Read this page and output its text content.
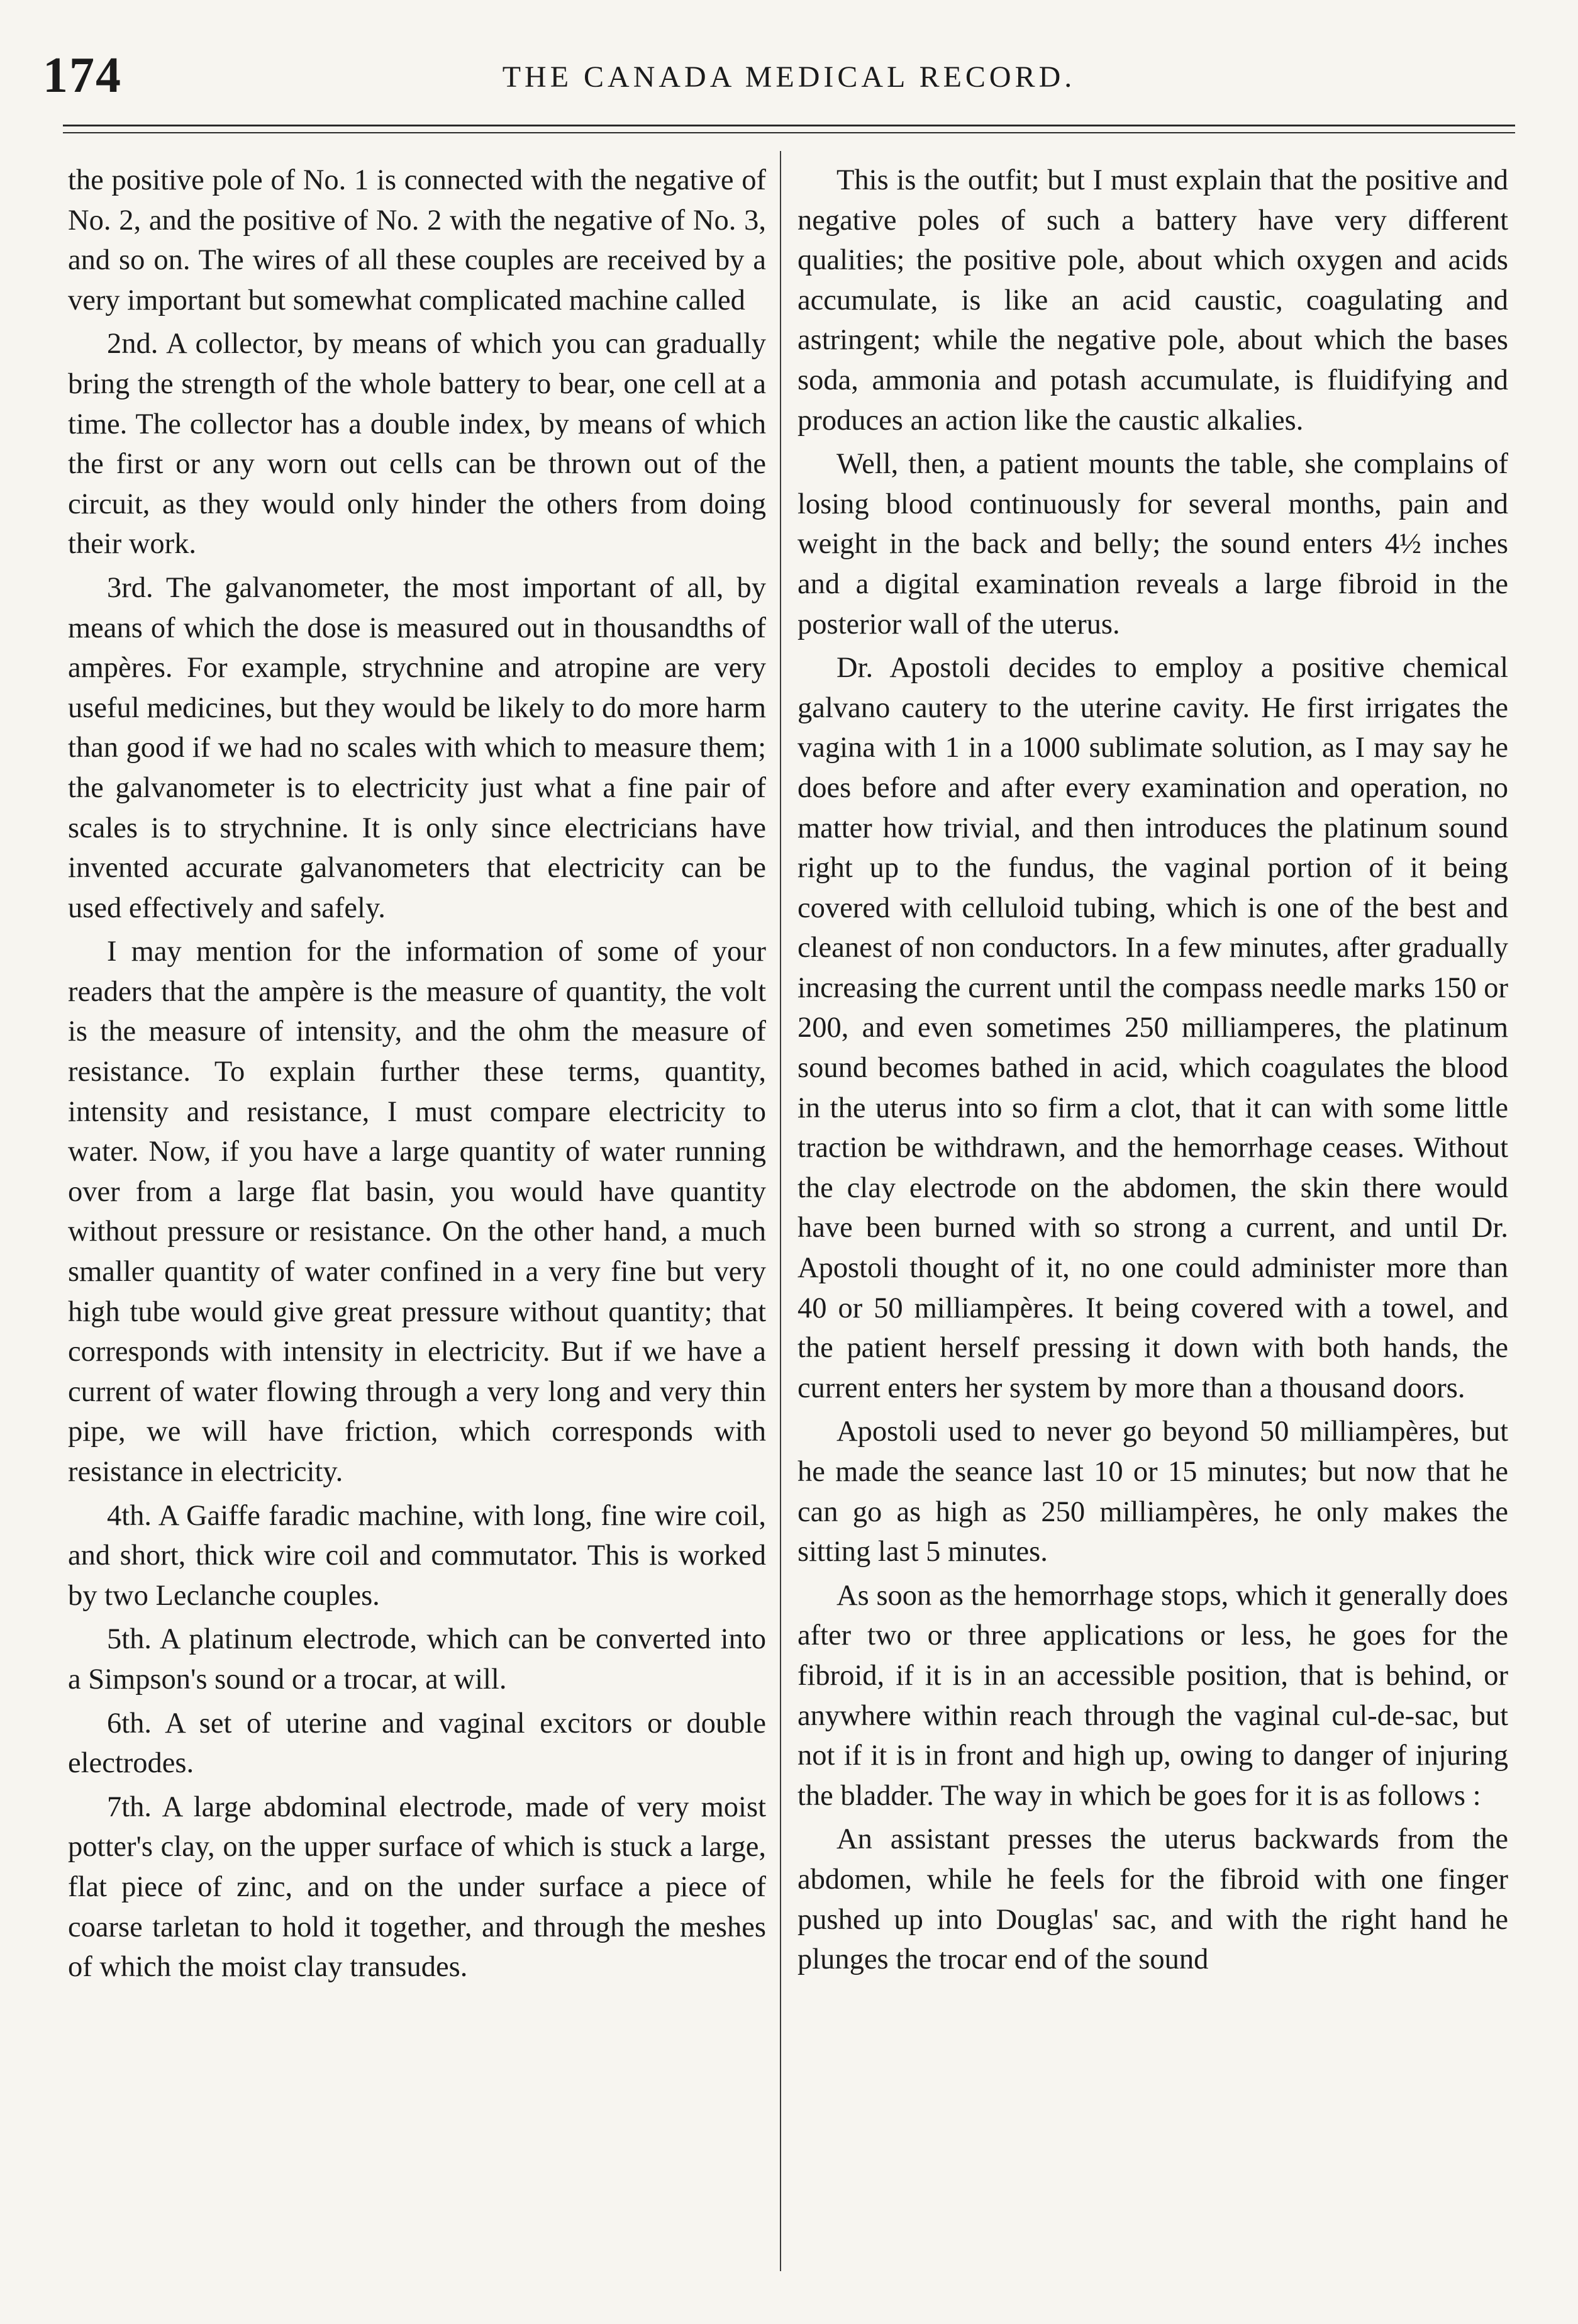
174	THE CANADA MEDICAL RECORD.

the positive pole of No. 1 is connected with the negative of No. 2, and the positive of No. 2 with the negative of No. 3, and so on. The wires of all these couples are received by a very important but somewhat complicated machine called

2nd. A collector, by means of which you can gradually bring the strength of the whole battery to bear, one cell at a time. The collector has a double index, by means of which the first or any worn out cells can be thrown out of the circuit, as they would only hinder the others from doing their work.

3rd. The galvanometer, the most important of all, by means of which the dose is measured out in thousandths of ampères. For example, strychnine and atropine are very useful medicines, but they would be likely to do more harm than good if we had no scales with which to measure them; the galvanometer is to electricity just what a fine pair of scales is to strychnine. It is only since electricians have invented accurate galvanometers that electricity can be used effectively and safely.

I may mention for the information of some of your readers that the ampère is the measure of quantity, the volt is the measure of intensity, and the ohm the measure of resistance. To explain further these terms, quantity, intensity and resistance, I must compare electricity to water. Now, if you have a large quantity of water running over from a large flat basin, you would have quantity without pressure or resistance. On the other hand, a much smaller quantity of water confined in a very fine but very high tube would give great pressure without quantity; that corresponds with intensity in electricity. But if we have a current of water flowing through a very long and very thin pipe, we will have friction, which corresponds with resistance in electricity.

4th. A Gaiffe faradic machine, with long, fine wire coil, and short, thick wire coil and commutator. This is worked by two Leclanche couples.

5th. A platinum electrode, which can be converted into a Simpson's sound or a trocar, at will.

6th. A set of uterine and vaginal excitors or double electrodes.

7th. A large abdominal electrode, made of very moist potter's clay, on the upper surface of which is stuck a large, flat piece of zinc, and on the under surface a piece of coarse tarletan to hold it together, and through the meshes of which the moist clay transudes.

This is the outfit; but I must explain that the positive and negative poles of such a battery have very different qualities; the positive pole, about which oxygen and acids accumulate, is like an acid caustic, coagulating and astringent; while the negative pole, about which the bases soda, ammonia and potash accumulate, is fluidifying and produces an action like the caustic alkalies.

Well, then, a patient mounts the table, she complains of losing blood continuously for several months, pain and weight in the back and belly; the sound enters 4½ inches and a digital examination reveals a large fibroid in the posterior wall of the uterus.

Dr. Apostoli decides to employ a positive chemical galvano cautery to the uterine cavity. He first irrigates the vagina with 1 in a 1000 sublimate solution, as I may say he does before and after every examination and operation, no matter how trivial, and then introduces the platinum sound right up to the fundus, the vaginal portion of it being covered with celluloid tubing, which is one of the best and cleanest of non conductors. In a few minutes, after gradually increasing the current until the compass needle marks 150 or 200, and even sometimes 250 milliamperes, the platinum sound becomes bathed in acid, which coagulates the blood in the uterus into so firm a clot, that it can with some little traction be withdrawn, and the hemorrhage ceases. Without the clay electrode on the abdomen, the skin there would have been burned with so strong a current, and until Dr. Apostoli thought of it, no one could administer more than 40 or 50 milliampères. It being covered with a towel, and the patient herself pressing it down with both hands, the current enters her system by more than a thousand doors.

Apostoli used to never go beyond 50 milliampères, but he made the seance last 10 or 15 minutes; but now that he can go as high as 250 milliampères, he only makes the sitting last 5 minutes.

As soon as the hemorrhage stops, which it generally does after two or three applications or less, he goes for the fibroid, if it is in an accessible position, that is behind, or anywhere within reach through the vaginal cul-de-sac, but not if it is in front and high up, owing to danger of injuring the bladder. The way in which be goes for it is as follows :

An assistant presses the uterus backwards from the abdomen, while he feels for the fibroid with one finger pushed up into Douglas' sac, and with the right hand he plunges the trocar end of the sound
